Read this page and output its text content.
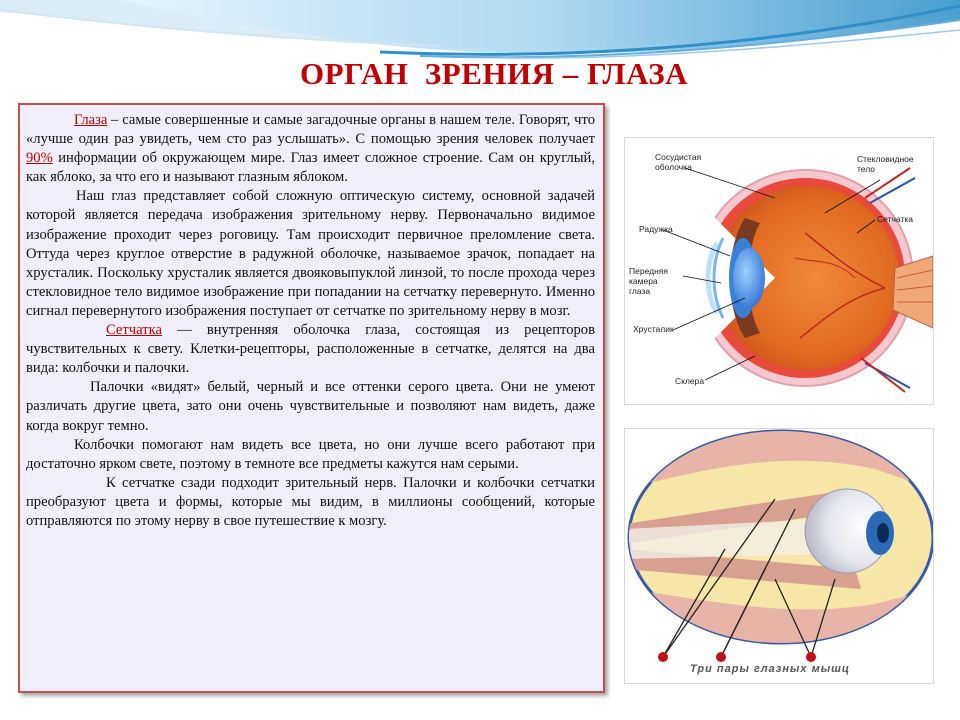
ОРГАН  ЗРЕНИЯ – ГЛАЗА

Глаза – самые совершенные и самые загадочные органы в нашем теле. Говорят, что «лучше один раз увидеть, чем сто раз услышать». С помощью зрения человек получает 90% информации об окружающем мире. Глаз имеет сложное строение. Сам он круглый, как яблоко, за что его и называют глазным яблоком.

Наш глаз представляет собой сложную оптическую систему, основной задачей которой является передача изображения зрительному нерву. Первоначально видимое изображение проходит через роговицу. Там происходит первичное преломление света. Оттуда через круглое отверстие в радужной оболочке, называемое зрачок, попадает на хрусталик. Поскольку хрусталик является двояковыпуклой линзой, то после прохода через стекловидное тело видимое изображение при попадании на сетчатку перевернуто. Именно сигнал перевернутого изображения поступает от сетчатке по зрительному нерву в мозг.

Сетчатка — внутренняя оболочка глаза, состоящая из рецепторов чувствительных к свету. Клетки-рецепторы, расположенные в сетчатке, делятся на два вида: колбочки и палочки.

Палочки «видят» белый, черный и все оттенки серого цвета. Они не умеют различать другие цвета, зато они очень чувствительные и позволяют нам видеть, даже когда вокруг темно.

Колбочки помогают нам видеть все цвета, но они лучше всего работают при достаточно ярком свете, поэтому в темноте все предметы кажутся нам серыми.

К сетчатке сзади подходит зрительный нерв. Палочки и колбочки сетчатки преобразуют цвета и формы, которые мы видим, в миллионы сообщений, которые отправляются по этому нерву в свое путешествие к мозгу.

Сосудистая
оболочка
Стекловидное
тело
Радужка
Сетчатка
Передняя
камера
глаза
Хрусталик
Склера
Три пары глазных мышц
